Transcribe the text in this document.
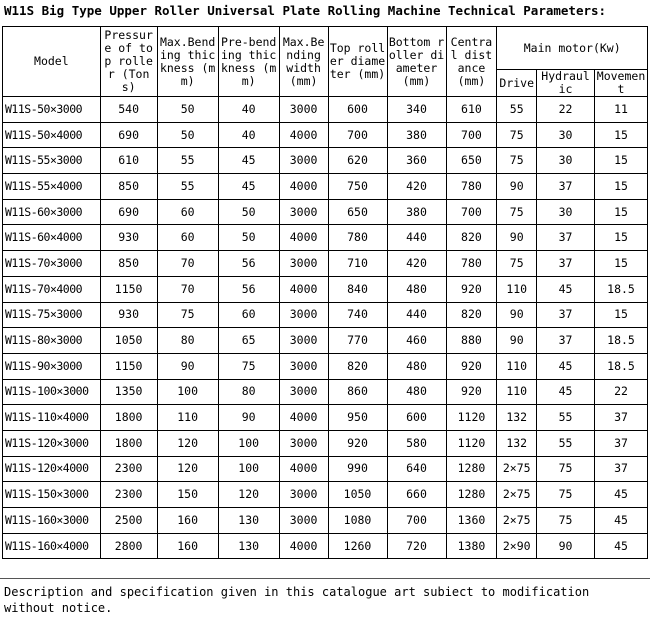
W11S Big Type Upper Roller Universal Plate Rolling Machine Technical Parameters:
Model	Pressure of top roller (Tons)	Max.Bending thickness (mm)	Pre-bending thickness (mm)	Max.Bending width (mm)	Top roller diameter (mm)	Bottom roller diameter (mm)	Central distance (mm)	Main motor(Kw)		
								Drive	Hydraulic	Movement
W11S-50×3000	540	50	40	3000	600	340	610	55	22	11
W11S-50×4000	690	50	40	4000	700	380	700	75	30	15
W11S-55×3000	610	55	45	3000	620	360	650	75	30	15
W11S-55×4000	850	55	45	4000	750	420	780	90	37	15
W11S-60×3000	690	60	50	3000	650	380	700	75	30	15
W11S-60×4000	930	60	50	4000	780	440	820	90	37	15
W11S-70×3000	850	70	56	3000	710	420	780	75	37	15
W11S-70×4000	1150	70	56	4000	840	480	920	110	45	18.5
W11S-75×3000	930	75	60	3000	740	440	820	90	37	15
W11S-80×3000	1050	80	65	3000	770	460	880	90	37	18.5
W11S-90×3000	1150	90	75	3000	820	480	920	110	45	18.5
W11S-100×3000	1350	100	80	3000	860	480	920	110	45	22
W11S-110×4000	1800	110	90	4000	950	600	1120	132	55	37
W11S-120×3000	1800	120	100	3000	920	580	1120	132	55	37
W11S-120×4000	2300	120	100	4000	990	640	1280	2×75	75	37
W11S-150×3000	2300	150	120	3000	1050	660	1280	2×75	75	45
W11S-160×3000	2500	160	130	3000	1080	700	1360	2×75	75	45
W11S-160×4000	2800	160	130	4000	1260	720	1380	2×90	90	45
Description and specification given in this catalogue art subiect to modification without notice.
